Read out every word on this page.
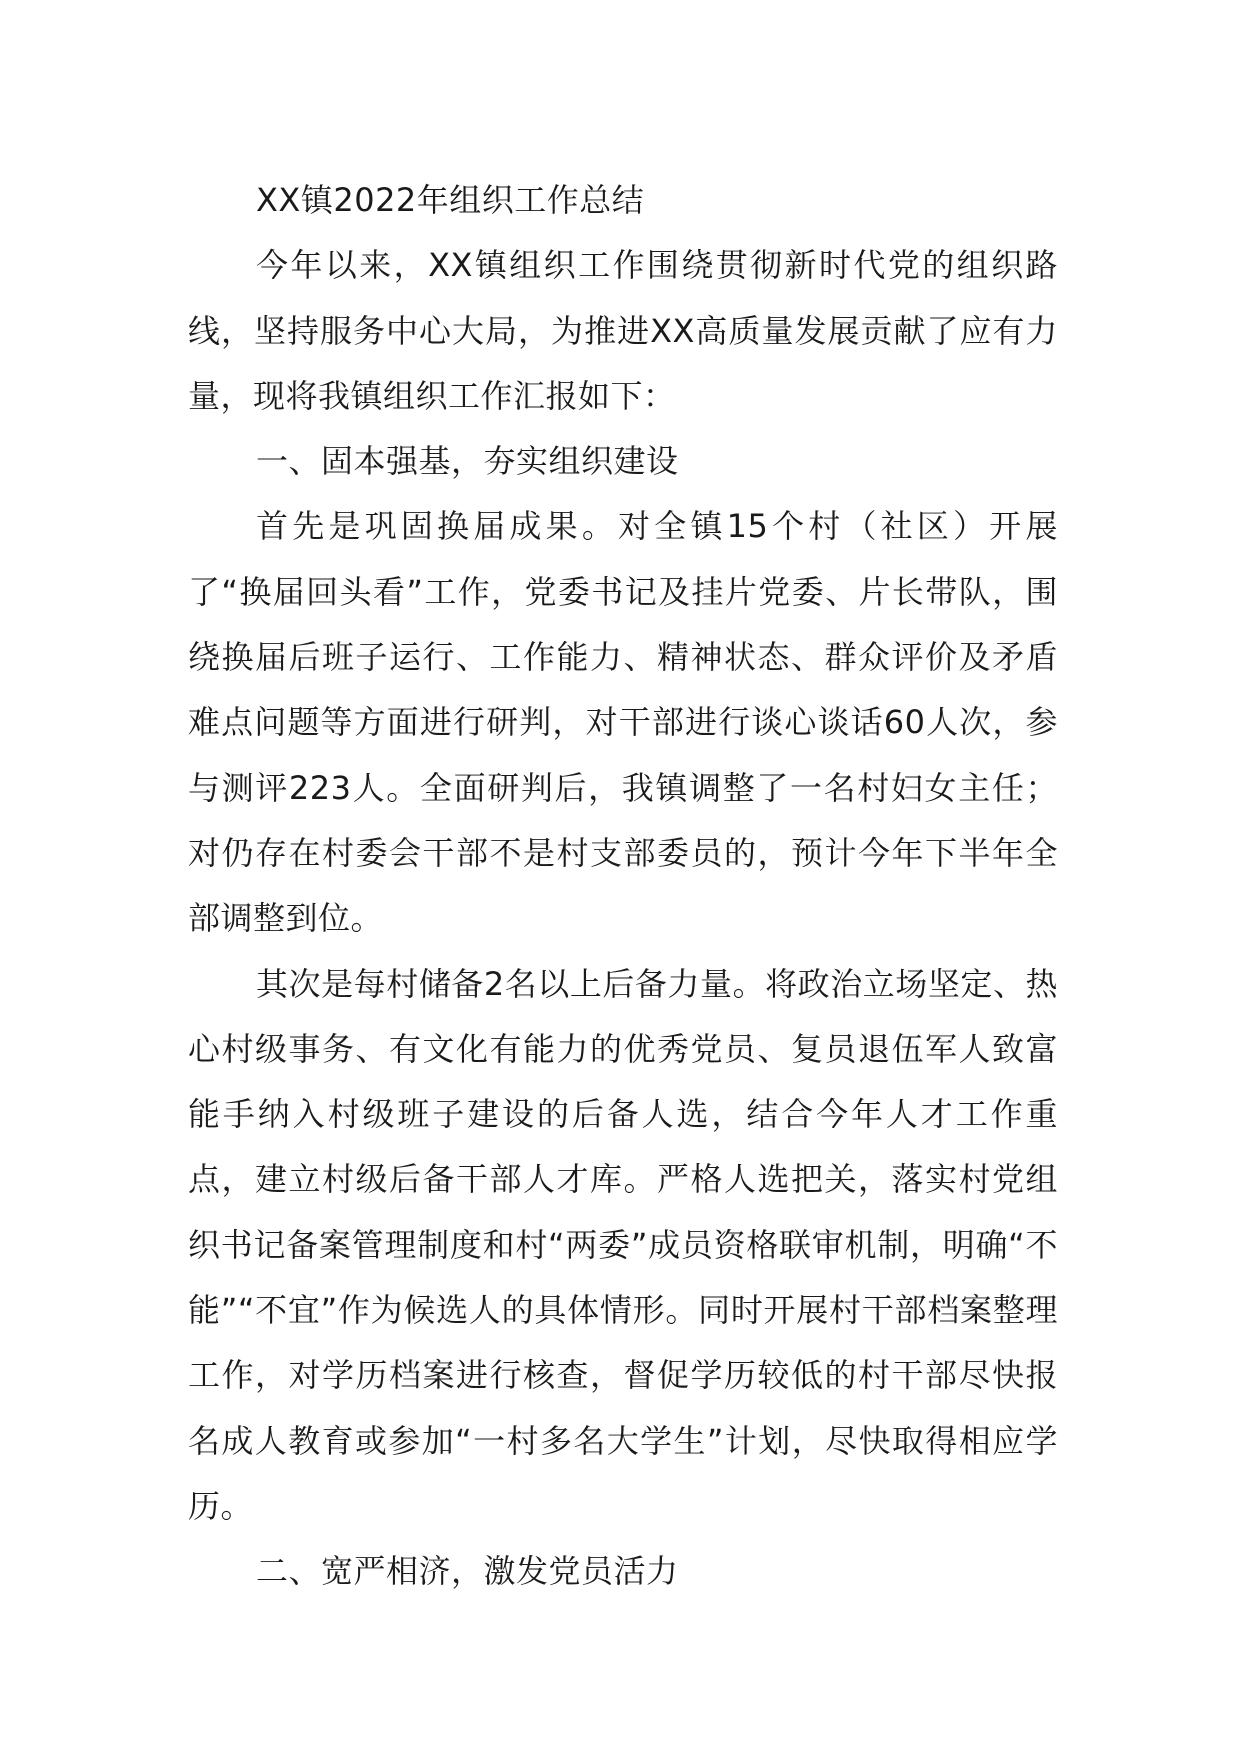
XX镇2022年组织工作总结

今年以来，XX镇组织工作围绕贯彻新时代党的组织路线，坚持服务中心大局，为推进XX高质量发展贡献了应有力量，现将我镇组织工作汇报如下：

一、固本强基，夯实组织建设

首先是巩固换届成果。对全镇15个村（社区）开展了“换届回头看”工作，党委书记及挂片党委、片长带队，围绕换届后班子运行、工作能力、精神状态、群众评价及矛盾难点问题等方面进行研判，对干部进行谈心谈话60人次，参与测评223人。全面研判后，我镇调整了一名村妇女主任；对仍存在村委会干部不是村支部委员的，预计今年下半年全部调整到位。

其次是每村储备2名以上后备力量。将政治立场坚定、热心村级事务、有文化有能力的优秀党员、复员退伍军人致富能手纳入村级班子建设的后备人选，结合今年人才工作重点，建立村级后备干部人才库。严格人选把关，落实村党组织书记备案管理制度和村“两委”成员资格联审机制，明确“不能”“不宜”作为候选人的具体情形。同时开展村干部档案整理工作，对学历档案进行核查，督促学历较低的村干部尽快报名成人教育或参加“一村多名大学生”计划，尽快取得相应学历。

二、宽严相济，激发党员活力
